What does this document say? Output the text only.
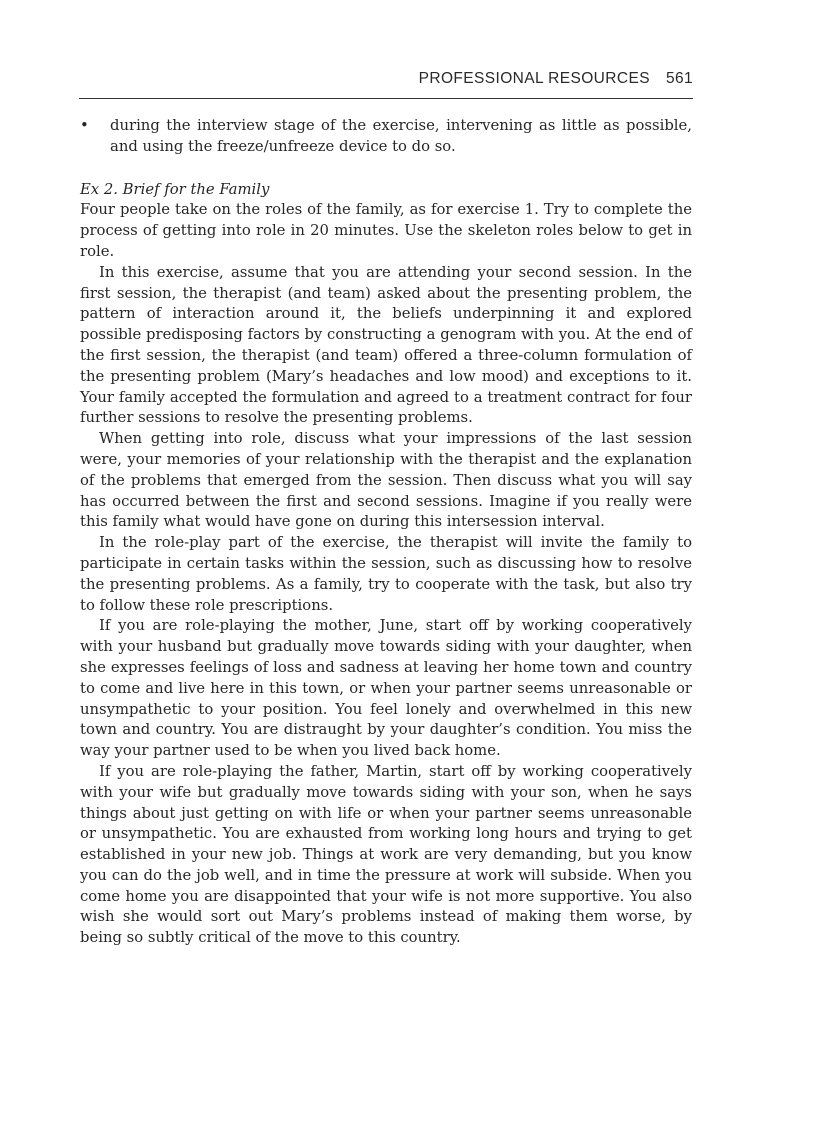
PROFESSIONAL RESOURCES 561
•	during the interview stage of the exercise, intervening as little as possible, and using the freeze/unfreeze device to do so.

Ex 2. Brief for the Family

Four people take on the roles of the family, as for exercise 1. Try to complete the process of getting into role in 20 minutes. Use the skeleton roles below to get in role.

In this exercise, assume that you are attending your second session. In the first session, the therapist (and team) asked about the presenting problem, the pattern of interaction around it, the beliefs underpinning it and explored possible predisposing factors by constructing a genogram with you. At the end of the first session, the therapist (and team) offered a three-column formulation of the presenting problem (Mary’s headaches and low mood) and exceptions to it. Your family accepted the formulation and agreed to a treatment contract for four further sessions to resolve the presenting problems.

When getting into role, discuss what your impressions of the last session were, your memories of your relationship with the therapist and the explanation of the problems that emerged from the session. Then discuss what you will say has occurred between the first and second sessions. Imagine if you really were this family what would have gone on during this intersession interval.

In the role-play part of the exercise, the therapist will invite the family to participate in certain tasks within the session, such as discussing how to resolve the presenting problems. As a family, try to cooperate with the task, but also try to follow these role prescriptions.

If you are role-playing the mother, June, start off by working cooperatively with your husband but gradually move towards siding with your daughter, when she expresses feelings of loss and sadness at leaving her home town and country to come and live here in this town, or when your partner seems unreasonable or unsympathetic to your position. You feel lonely and overwhelmed in this new town and country. You are distraught by your daughter’s condition. You miss the way your partner used to be when you lived back home.

If you are role-playing the father, Martin, start off by working cooperatively with your wife but gradually move towards siding with your son, when he says things about just getting on with life or when your partner seems unreasonable or unsympathetic. You are exhausted from working long hours and trying to get established in your new job. Things at work are very demanding, but you know you can do the job well, and in time the pressure at work will subside. When you come home you are disappointed that your wife is not more supportive. You also wish she would sort out Mary’s problems instead of making them worse, by being so subtly critical of the move to this country.
